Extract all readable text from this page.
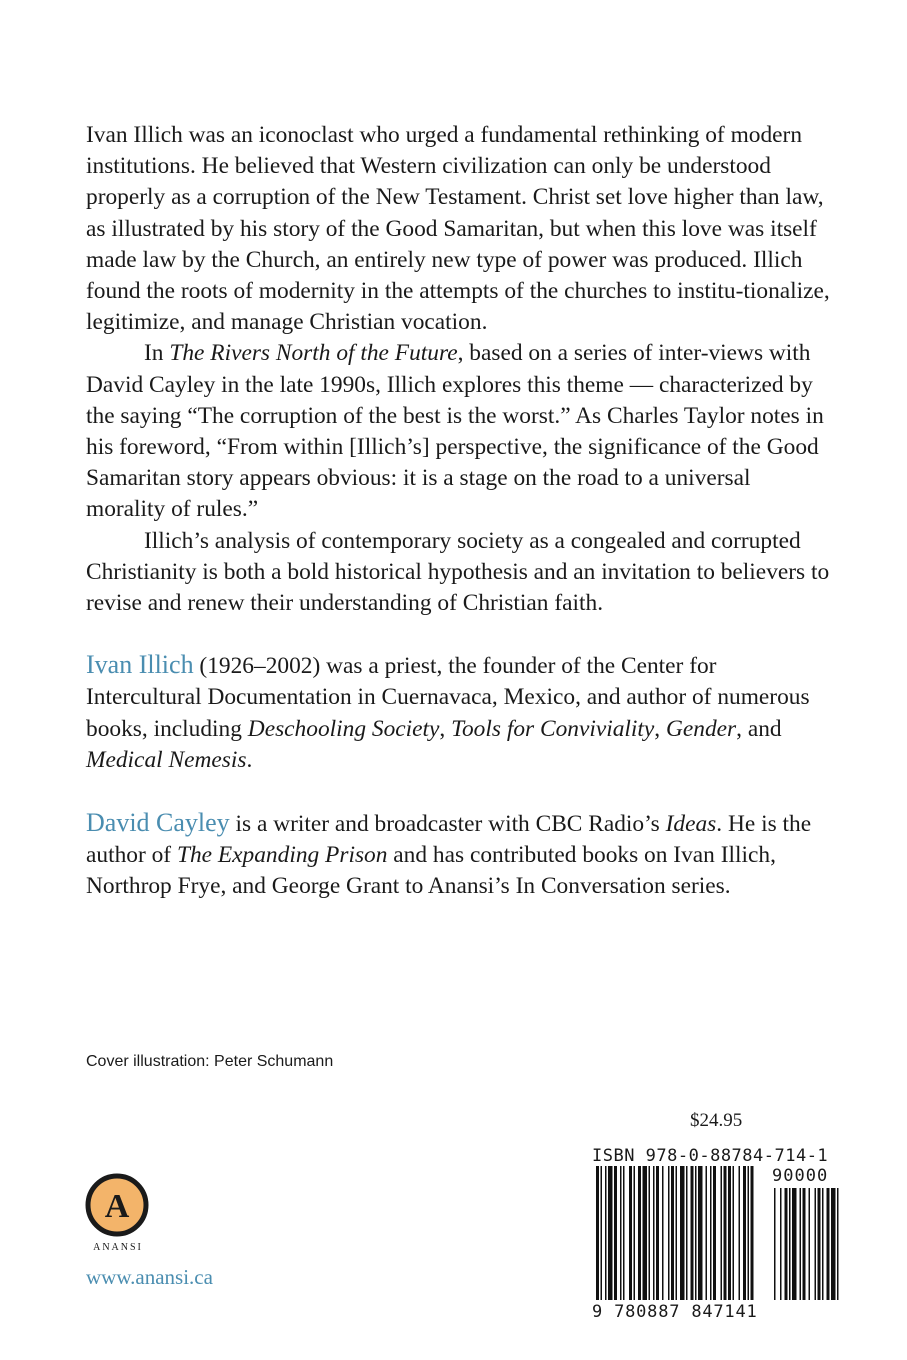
Ivan Illich was an iconoclast who urged a fundamental rethinking of modern institutions. He believed that Western civilization can only be understood properly as a corruption of the New Testament. Christ set love higher than law, as illustrated by his story of the Good Samaritan, but when this love was itself made law by the Church, an entirely new type of power was produced. Illich found the roots of modernity in the attempts of the churches to institu-tionalize, legitimize, and manage Christian vocation.

In The Rivers North of the Future, based on a series of inter-views with David Cayley in the late 1990s, Illich explores this theme — characterized by the saying “The corruption of the best is the worst.” As Charles Taylor notes in his foreword, “From within [Illich’s] perspective, the significance of the Good Samaritan story appears obvious: it is a stage on the road to a universal morality of rules.”

Illich’s analysis of contemporary society as a congealed and corrupted Christianity is both a bold historical hypothesis and an invitation to believers to revise and renew their understanding of Christian faith.

Ivan Illich (1926–2002) was a priest, the founder of the Center for Intercultural Documentation in Cuernavaca, Mexico, and author of numerous books, including Deschooling Society, Tools for Conviviality, Gender, and Medical Nemesis.

David Cayley is a writer and broadcaster with CBC Radio’s Ideas. He is the author of The Expanding Prison and has contributed books on Ivan Illich, Northrop Frye, and George Grant to Anansi’s In Conversation series.

Cover illustration: Peter Schumann
$24.95
ISBN 978-0-88784-714-1
90000
9 780887 847141
A
ANANSI
www.anansi.ca
